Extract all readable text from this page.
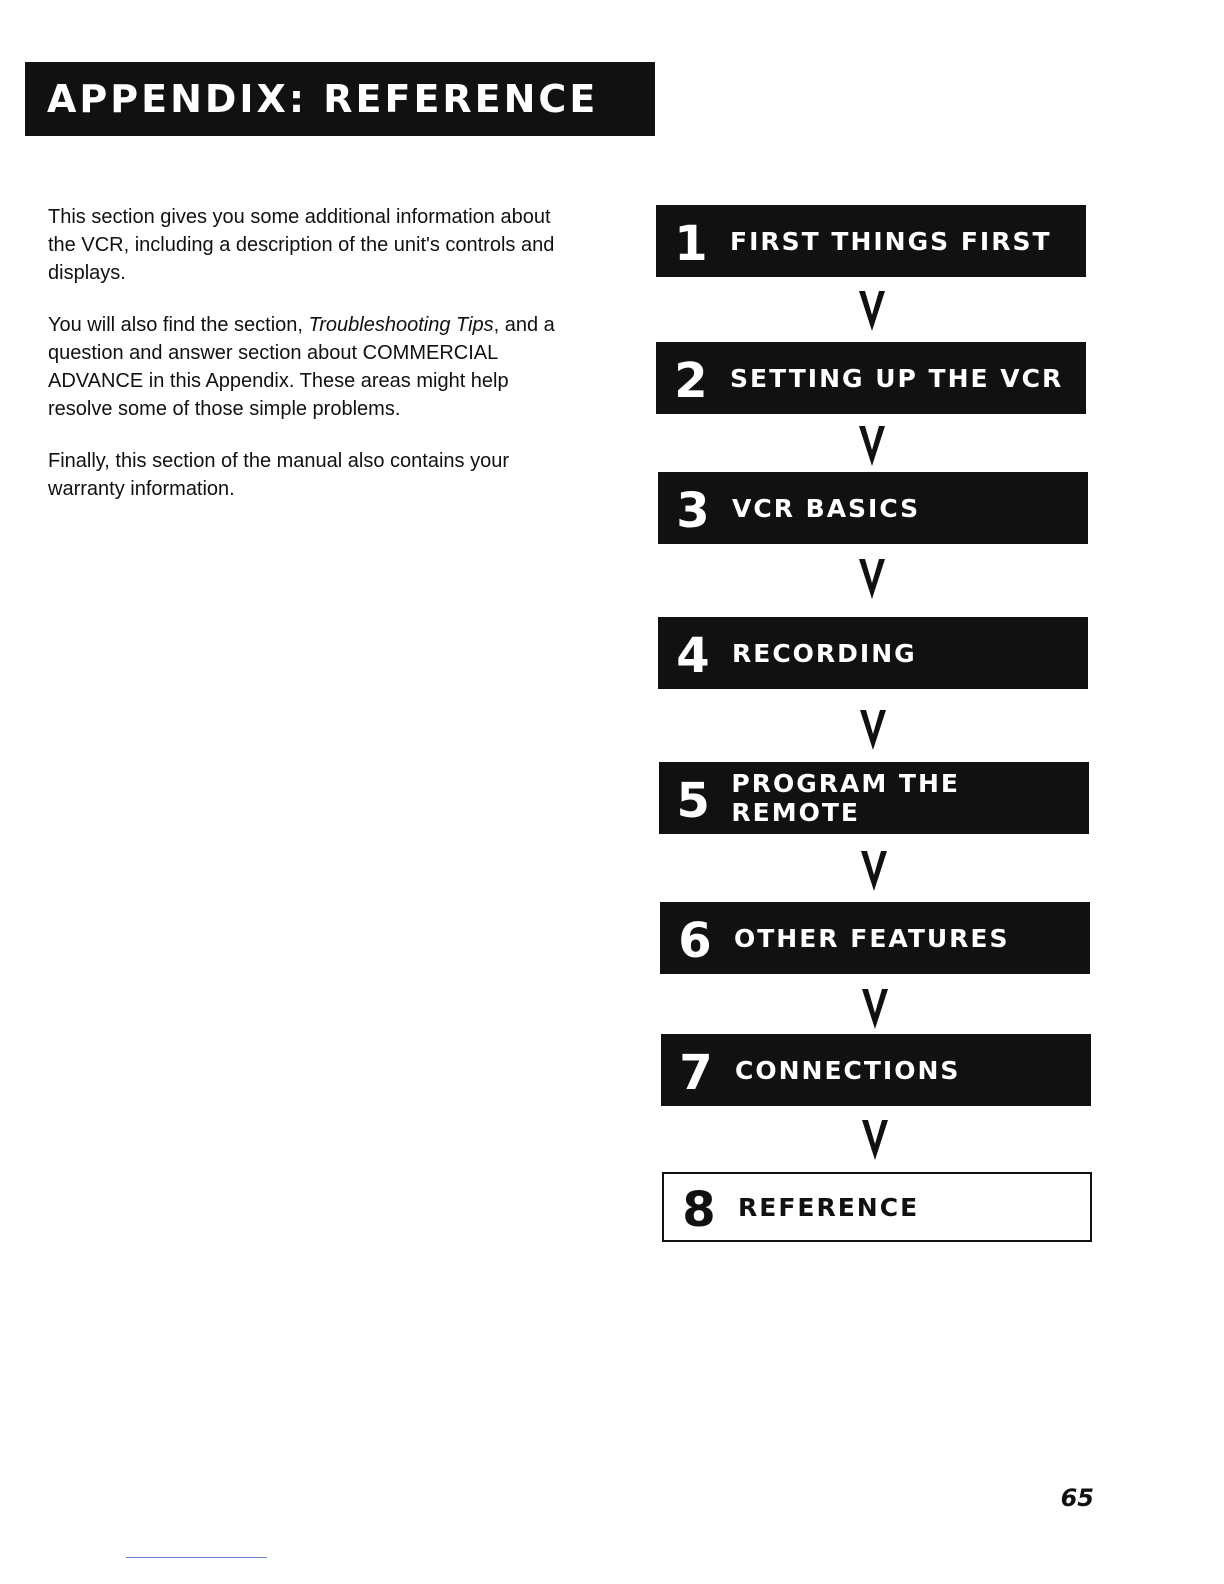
APPENDIX: REFERENCE

This section gives you some additional information about the VCR, including a description of the unit's controls and displays.

You will also find the section, Troubleshooting Tips, and a question and answer section about COMMERCIAL ADVANCE in this Appendix. These areas might help resolve some of those simple problems.

Finally, this section of the manual also contains your warranty information.

1 FIRST THINGS FIRST
2 SETTING UP THE VCR
3 VCR BASICS
4 RECORDING
5 PROGRAM THE REMOTE
6 OTHER FEATURES
7 CONNECTIONS
8 REFERENCE
65
